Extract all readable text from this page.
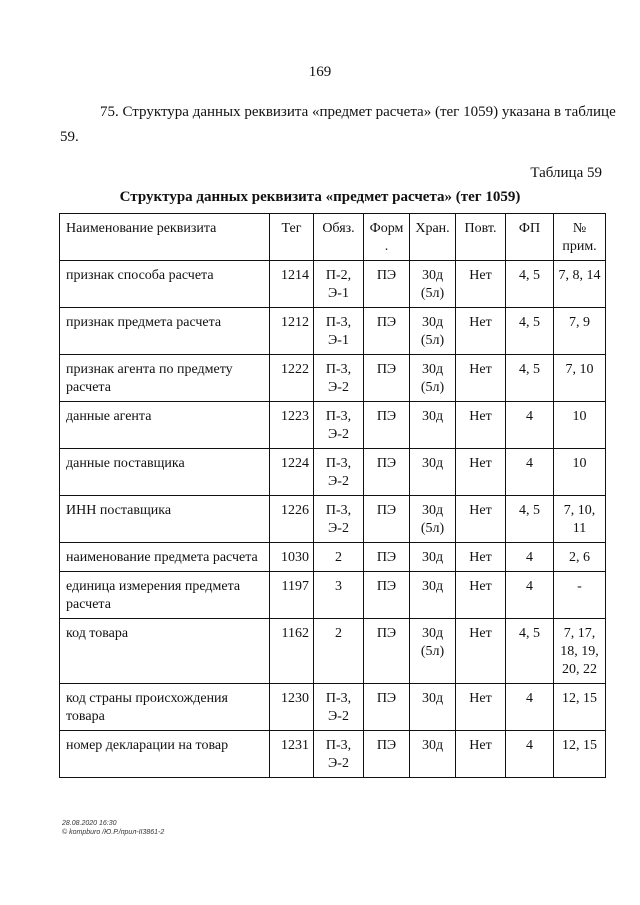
169

75. Структура данных реквизита «предмет расчета» (тег 1059) указана в таблице 59.

Таблица 59
Структура данных реквизита «предмет расчета» (тег 1059)
Наименование реквизита	Тег	Обяз.	Форм .	Хран.	Повт.	ФП	№ прим.
признак способа расчета	1214	П-2, Э-1	ПЭ	30д (5л)	Нет	4, 5	7, 8, 14
признак предмета расчета	1212	П-3, Э-1	ПЭ	30д (5л)	Нет	4, 5	7, 9
признак агента по предмету расчета	1222	П-3, Э-2	ПЭ	30д (5л)	Нет	4, 5	7, 10
данные агента	1223	П-3, Э-2	ПЭ	30д	Нет	4	10
данные поставщика	1224	П-3, Э-2	ПЭ	30д	Нет	4	10
ИНН поставщика	1226	П-3, Э-2	ПЭ	30д (5л)	Нет	4, 5	7, 10, 11
наименование предмета расчета	1030	2	ПЭ	30д	Нет	4	2, 6
единица измерения предмета расчета	1197	3	ПЭ	30д	Нет	4	-
код товара	1162	2	ПЭ	30д (5л)	Нет	4, 5	7, 17, 18, 19, 20, 22
код страны происхождения товара	1230	П-3, Э-2	ПЭ	30д	Нет	4	12, 15
номер декларации на товар	1231	П-3, Э-2	ПЭ	30д	Нет	4	12, 15
28.08.2020 16:30
© kompburo /Ю.Р./прил-II3861-2
